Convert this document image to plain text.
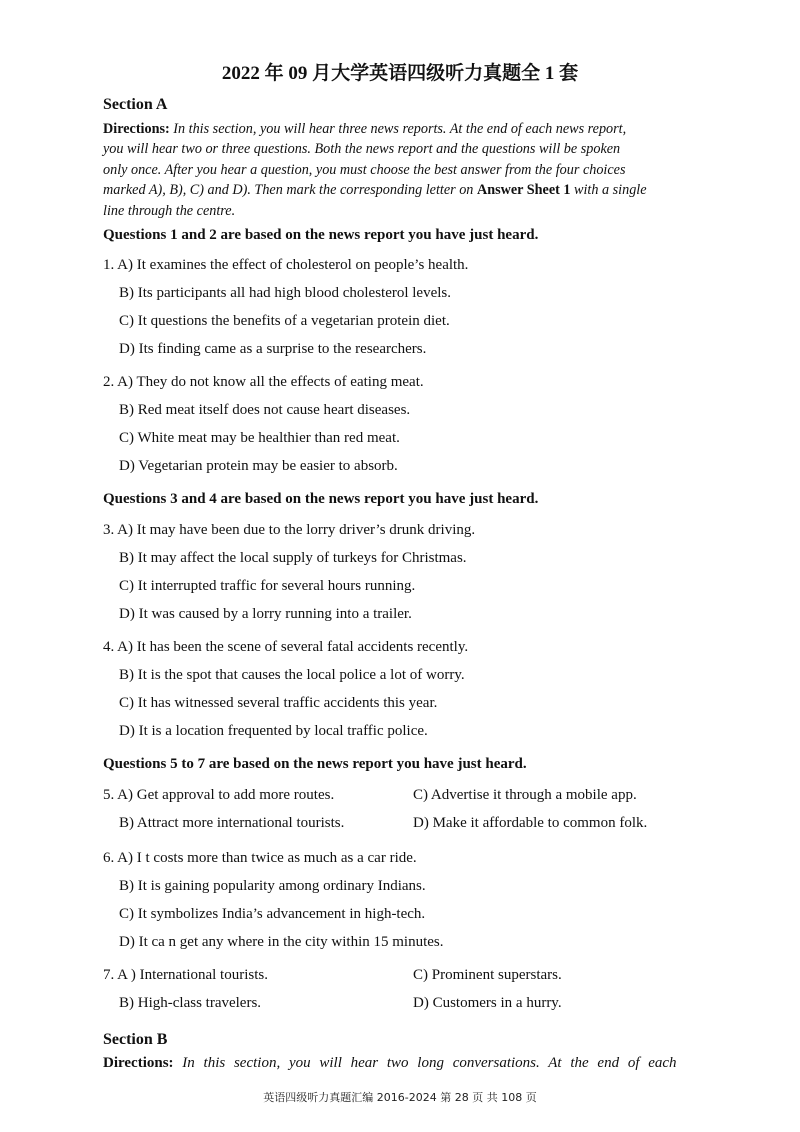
2022 年 09 月大学英语四级听力真题全 1 套
Section A
Directions: In this section, you will hear three news reports. At the end of each news report,
you will hear two or three questions. Both the news report and the questions will be spoken
only once. After you hear a question, you must choose the best answer from the four choices
marked A), B), C) and D). Then mark the corresponding letter on Answer Sheet 1 with a single
line through the centre.
Questions 1 and 2 are based on the news report you have just heard.
1. A) It examines the effect of cholesterol on people’s health.
B) Its participants all had high blood cholesterol levels.
C) It questions the benefits of a vegetarian protein diet.
D) Its finding came as a surprise to the researchers.
2. A) They do not know all the effects of eating meat.
B) Red meat itself does not cause heart diseases.
C) White meat may be healthier than red meat.
D) Vegetarian protein may be easier to absorb.
Questions 3 and 4 are based on the news report you have just heard.
3. A) It may have been due to the lorry driver’s drunk driving.
B) It may affect the local supply of turkeys for Christmas.
C) It interrupted traffic for several hours running.
D) It was caused by a lorry running into a trailer.
4. A) It has been the scene of several fatal accidents recently.
B) It is the spot that causes the local police a lot of worry.
C) It has witnessed several traffic accidents this year.
D) It is a location frequented by local traffic police.
Questions 5 to 7 are based on the news report you have just heard.
5. A) Get approval to add more routes.	C) Advertise it through a mobile app.
B) Attract more international tourists.	D) Make it affordable to common folk.
6. A) I t costs more than twice as much as a car ride.
B) It is gaining popularity among ordinary Indians.
C) It symbolizes India’s advancement in high-tech.
D) It ca n get any where in the city within 15 minutes.
7. A ) International tourists.	C) Prominent superstars.
B) High-class travelers.	D) Customers in a hurry.
Section B
Directions: In this section, you will hear two long conversations. At the end of each
英语四级听力真题汇编 2016-2024 第 28 页 共 108 页
